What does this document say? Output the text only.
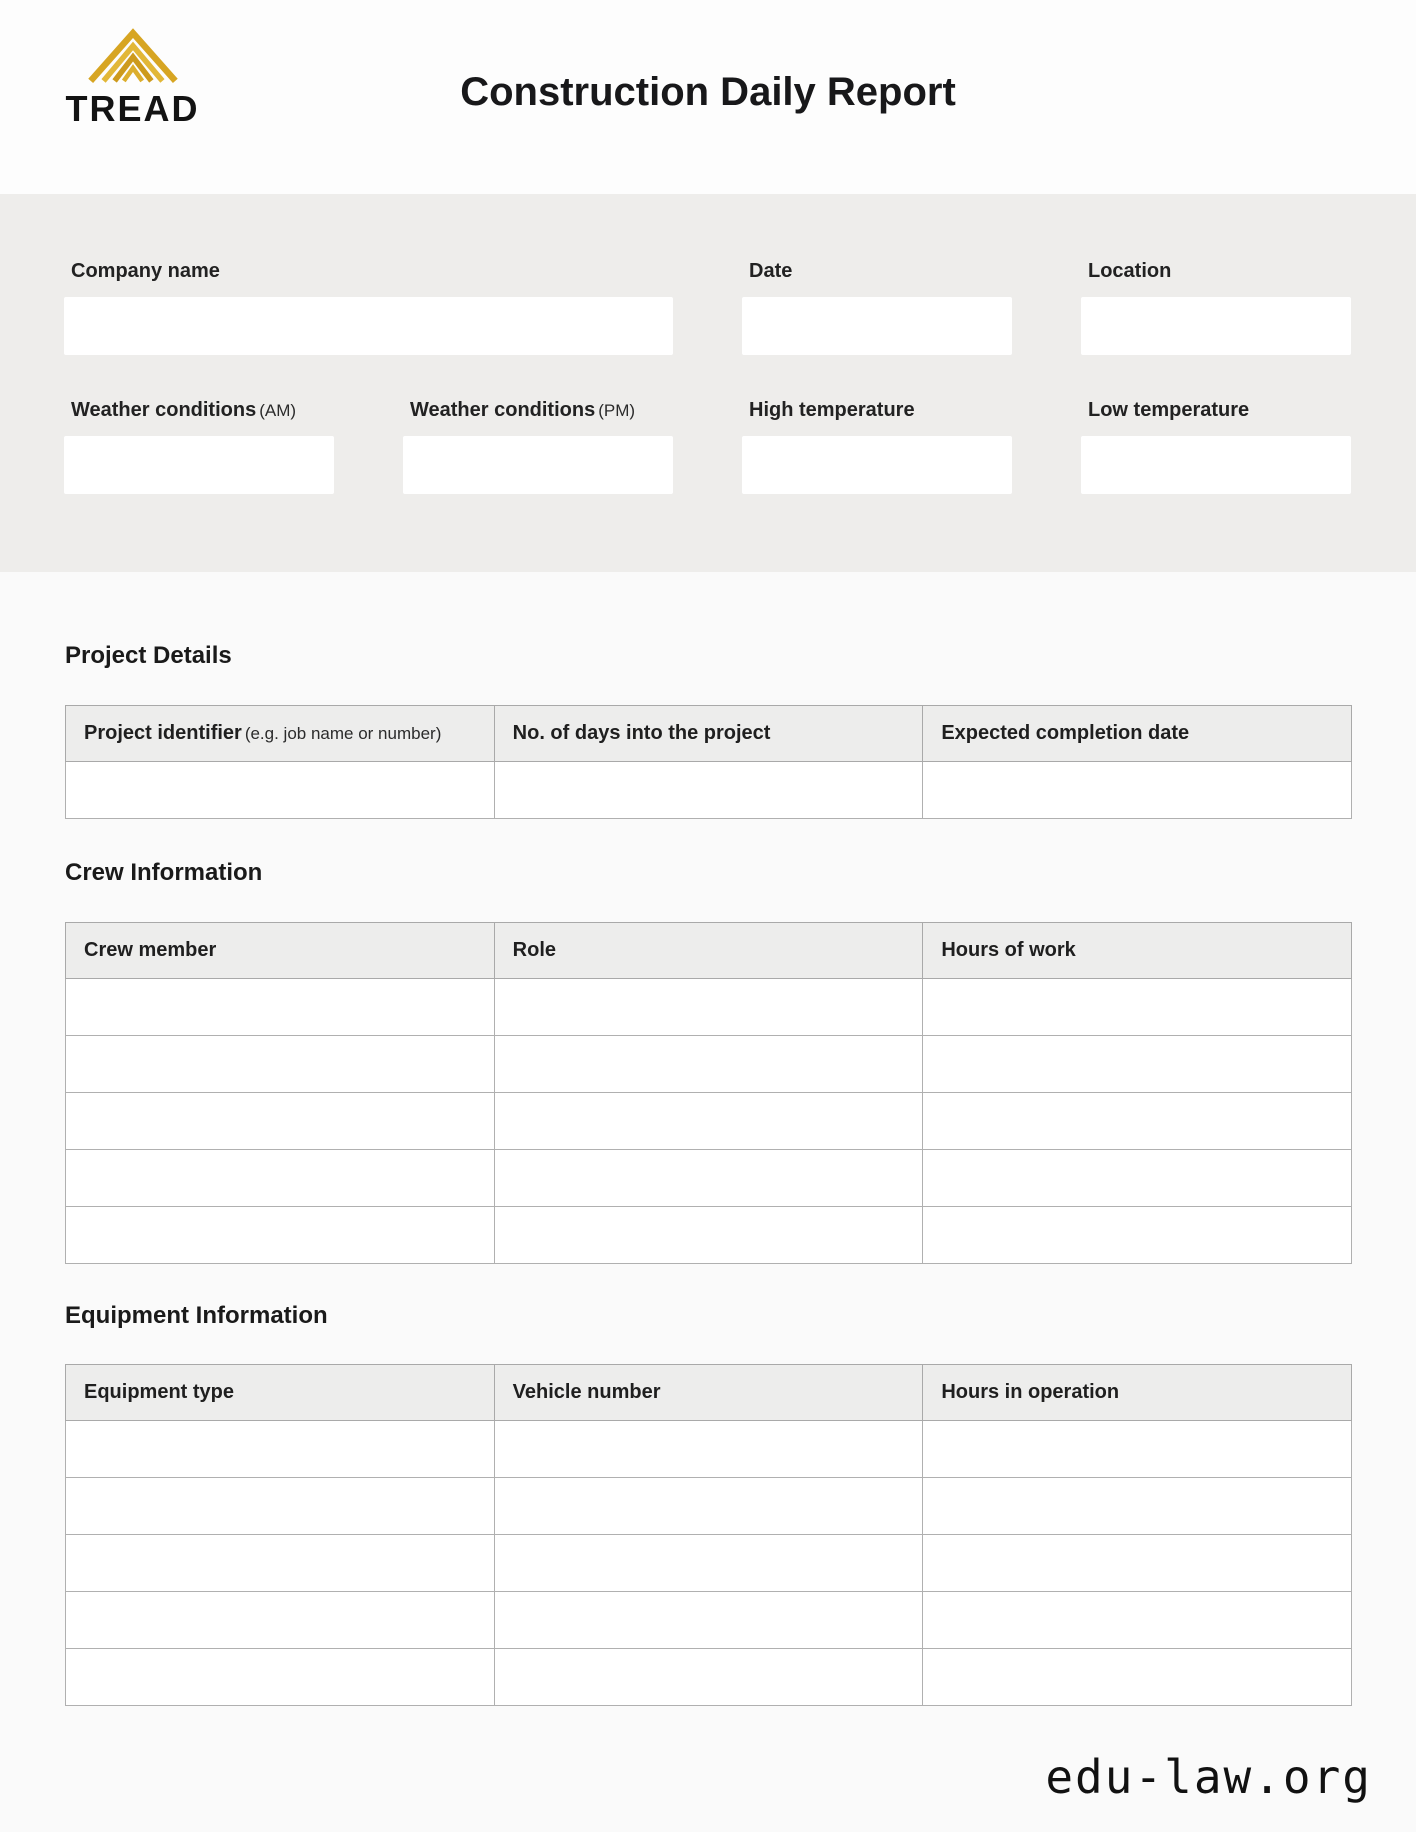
TREAD	Construction Daily Report
Company name	Date	Location
Weather conditions (AM)	Weather conditions (PM)	High temperature	Low temperature
Project Details
Project identifier (e.g. job name or number)	No. of days into the project	Expected completion date

Crew Information
Crew member	Role	Hours of work

Equipment Information
Equipment type	Vehicle number	Hours in operation

edu-law.org
